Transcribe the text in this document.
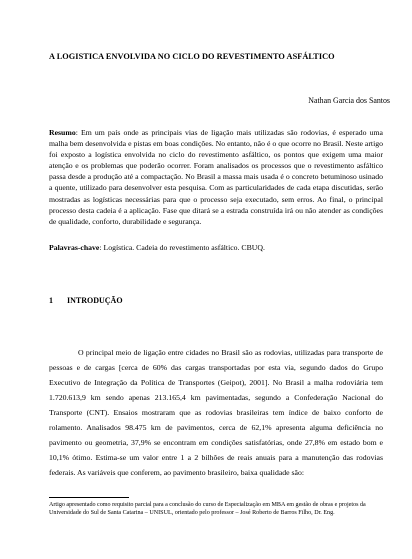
A LOGISTICA ENVOLVIDA NO CICLO DO REVESTIMENTO ASFÁLTICO
Nathan Garcia dos Santos
Resumo: Em um país onde as principais vias de ligação mais utilizadas são rodovias, é esperado uma malha bem desenvolvida e pistas em boas condições. No entanto, não é o que ocorre no Brasil. Neste artigo foi exposto a logística envolvida no ciclo do revestimento asfáltico, os pontos que exigem uma maior atenção e os problemas que poderão ocorrer. Foram analisados os processos que o revestimento asfáltico passa desde a produção até a compactação. No Brasil a massa mais usada é o concreto betuminoso usinado a quente, utilizado para desenvolver esta pesquisa. Com as particularidades de cada etapa discutidas, serão mostradas as logísticas necessárias para que o processo seja executado, sem erros. Ao final, o principal processo desta cadeia é a aplicação. Fase que ditará se a estrada construída irá ou não atender as condições de qualidade, conforto, durabilidade e segurança.
Palavras-chave: Logística. Cadeia do revestimento asfáltico. CBUQ.
1 INTRODUÇÃO

O principal meio de ligação entre cidades no Brasil são as rodovias, utilizadas para transporte de pessoas e de cargas [cerca de 60% das cargas transportadas por esta via, segundo dados do Grupo Executivo de Integração da Política de Transportes (Geipot), 2001]. No Brasil a malha rodoviária tem 1.720.613,9 km sendo apenas 213.165,4 km pavimentadas, segundo a Confederação Nacional do Transporte (CNT). Ensaios mostraram que as rodovias brasileiras tem índice de baixo conforto de rolamento. Analisados 98.475 km de pavimentos, cerca de 62,1% apresenta alguma deficiência no pavimento ou geometria, 37,9% se encontram em condições satisfatórias, onde 27,8% em estado bom e 10,1% ótimo. Estima-se um valor entre 1 a 2 bilhões de reais anuais para a manutenção das rodovias federais. As variáveis que conferem, ao pavimento brasileiro, baixa qualidade são:

Artigo apresentado como requisito parcial para a conclusão do curso de Especialização em MBA em gestão de obras e projetos da Universidade do Sul de Santa Catarina – UNISUL, orientado pelo professor – José Roberto de Barros Filho, Dr. Eng.
